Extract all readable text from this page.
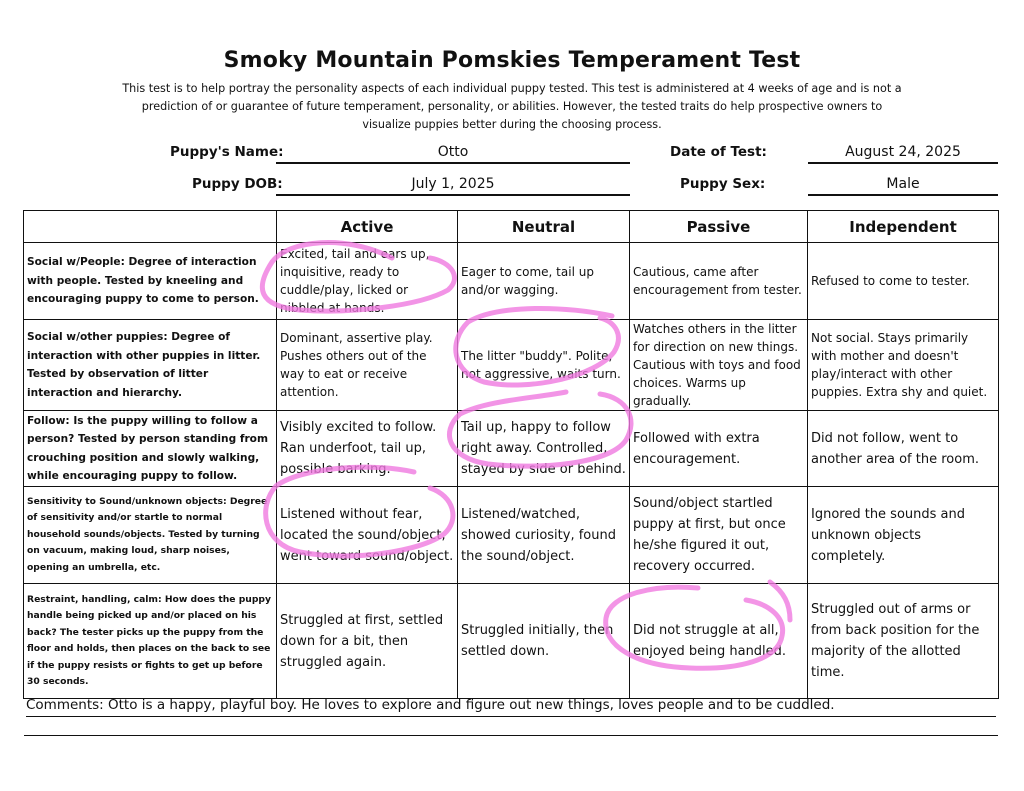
Smoky Mountain Pomskies Temperament Test
This test is to help portray the personality aspects of each individual puppy tested. This test is administered at 4 weeks of age and is not a prediction of or guarantee of future temperament, personality, or abilities. However, the tested traits do help prospective owners to visualize puppies better during the choosing process.
Puppy's Name:	Otto	Date of Test:	August 24, 2025
Puppy DOB:	July 1, 2025	Puppy Sex:	Male
	Active	Neutral	Passive	Independent
Social w/People: Degree of interaction with people. Tested by kneeling and encouraging puppy to come to person.	Excited, tail and ears up, inquisitive, ready to cuddle/play, licked or nibbled at hands.	Eager to come, tail up and/or wagging.	Cautious, came after encouragement from tester.	Refused to come to tester.
Social w/other puppies: Degree of interaction with other puppies in litter. Tested by observation of litter interaction and hierarchy.	Dominant, assertive play. Pushes others out of the way to eat or receive attention.	The litter "buddy". Polite, not aggressive, waits turn.	Watches others in the litter for direction on new things. Cautious with toys and food choices. Warms up gradually.	Not social. Stays primarily with mother and doesn't play/interact with other puppies. Extra shy and quiet.
Follow: Is the puppy willing to follow a person? Tested by person standing from crouching position and slowly walking, while encouraging puppy to follow.	Visibly excited to follow. Ran underfoot, tail up, possible barking.	Tail up, happy to follow right away. Controlled, stayed by side or behind.	Followed with extra encouragement.	Did not follow, went to another area of the room.
Sensitivity to Sound/unknown objects: Degree of sensitivity and/or startle to normal household sounds/objects. Tested by turning on vacuum, making loud, sharp noises, opening an umbrella, etc.	Listened without fear, located the sound/object, went toward sound/object.	Listened/watched, showed curiosity, found the sound/object.	Sound/object startled puppy at first, but once he/she figured it out, recovery occurred.	Ignored the sounds and unknown objects completely.
Restraint, handling, calm: How does the puppy handle being picked up and/or placed on his back? The tester picks up the puppy from the floor and holds, then places on the back to see if the puppy resists or fights to get up before 30 seconds.	Struggled at first, settled down for a bit, then struggled again.	Struggled initially, then settled down.	Did not struggle at all, enjoyed being handled.	Struggled out of arms or from back position for the majority of the allotted time.
Comments: Otto is a happy, playful boy. He loves to explore and figure out new things, loves people and to be cuddled.
